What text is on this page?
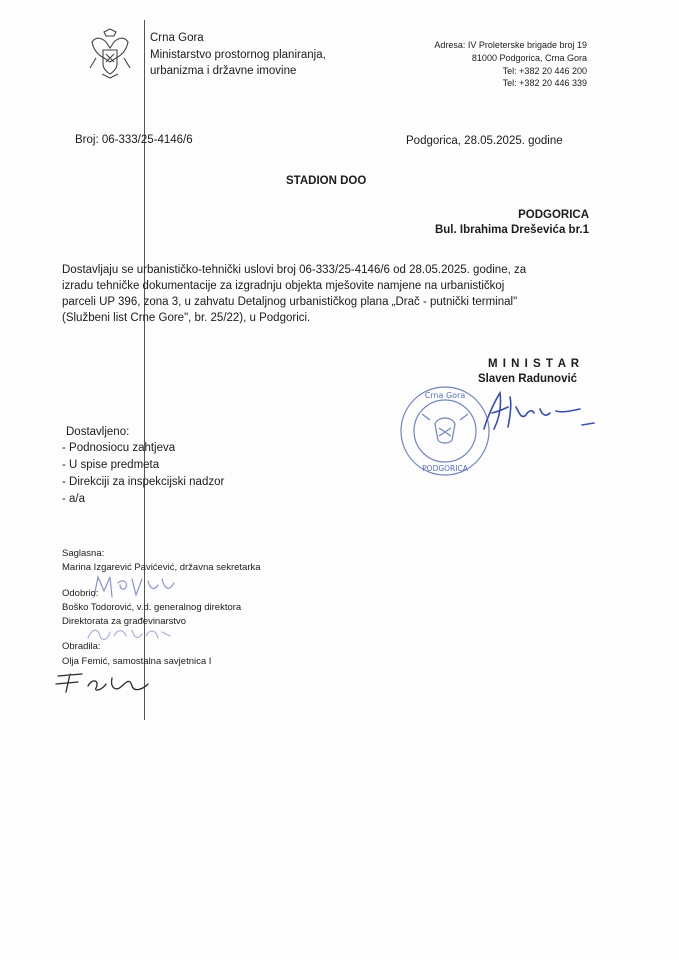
Crna Gora
Ministarstvo prostornog planiranja,
urbanizma i državne imovine
Adresa: IV Proleterske brigade broj 19
81000 Podgorica, Crna Gora
Tel: +382 20 446 200
Tel: +382 20 446 339
Broj: 06-333/25-4146/6	Podgorica, 28.05.2025. godine
STADION DOO
PODGORICA
Bul. Ibrahima Dreševića br.1
Dostavljaju se urbanističko-tehnički uslovi broj 06-333/25-4146/6 od 28.05.2025. godine, za
izradu tehničke dokumentacije za izgradnju objekta mješovite namjene na urbanističkoj
parceli UP 396, zona 3, u zahvatu Detaljnog urbanističkog plana „Drač - putnički terminal"
(Službeni list Crne Gore", br. 25/22), u Podgorici.
M I N I S T A R
Slaven Radunović
Crna Gora
PODGORICA
Dostavljeno:
- Podnosiocu zahtjeva
- U spise predmeta
- Direkciji za inspekcijski nadzor
- a/a
Saglasna:
Marina Izgarević Pavićević, državna sekretarka
Odobrio:
Boško Todorović, v.d. generalnog direktora
Direktorata za građevinarstvo
Obradila:
Olja Femić, samostalna savjetnica I
